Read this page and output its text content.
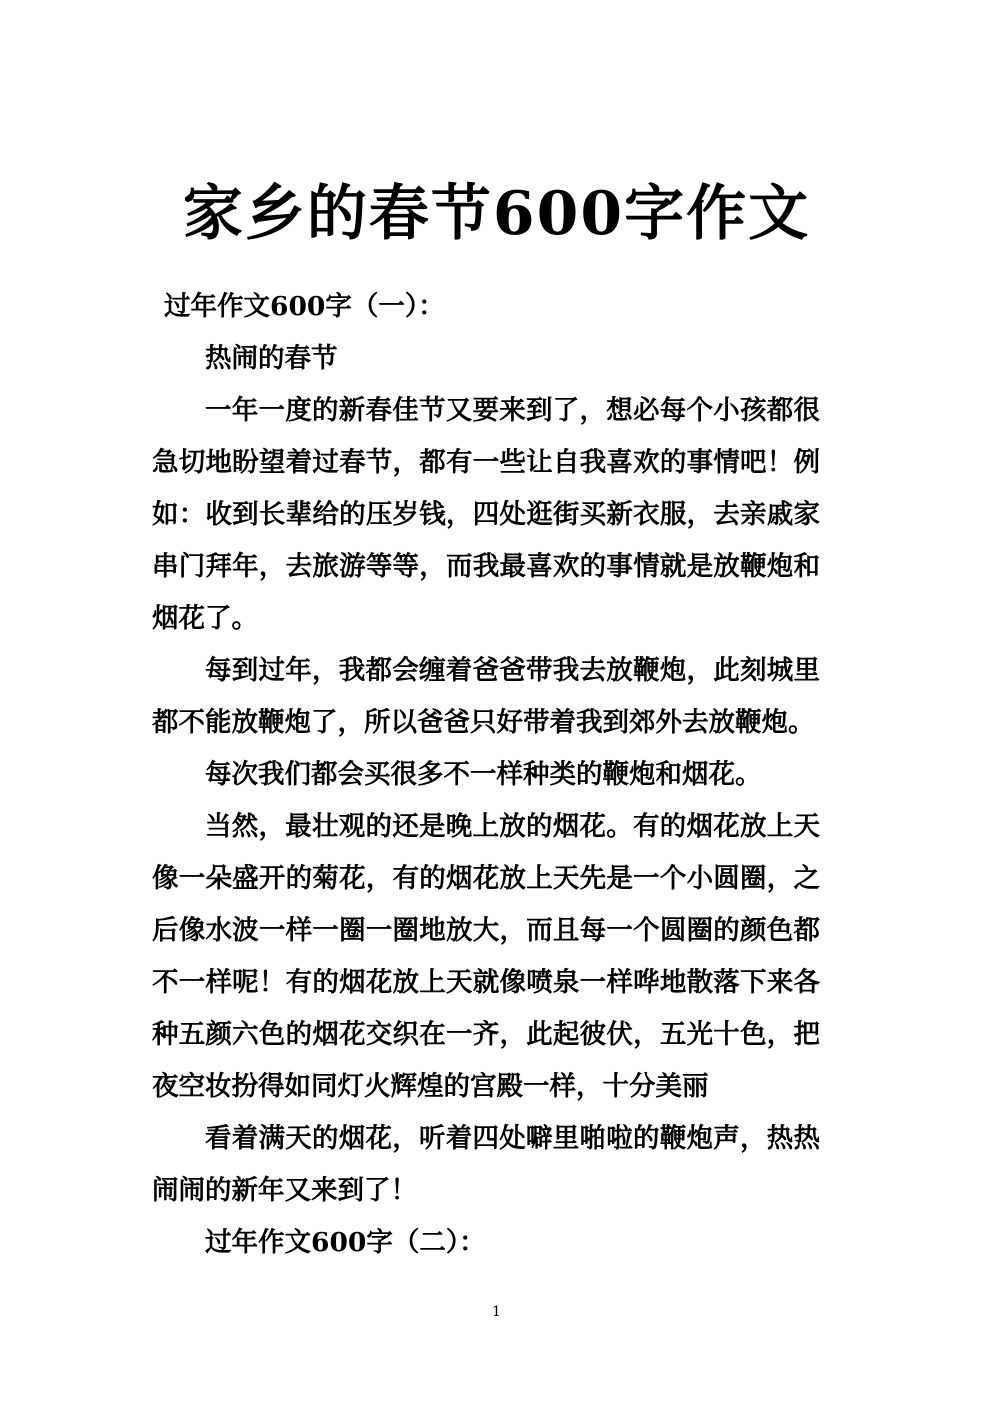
家乡的春节600字作文

过年作文600字（一）：

热闹的春节

一年一度的新春佳节又要来到了，想必每个小孩都很急切地盼望着过春节，都有一些让自我喜欢的事情吧！例如：收到长辈给的压岁钱，四处逛街买新衣服，去亲戚家串门拜年，去旅游等等，而我最喜欢的事情就是放鞭炮和烟花了。

每到过年，我都会缠着爸爸带我去放鞭炮，此刻城里都不能放鞭炮了，所以爸爸只好带着我到郊外去放鞭炮。

每次我们都会买很多不一样种类的鞭炮和烟花。

当然，最壮观的还是晚上放的烟花。有的烟花放上天像一朵盛开的菊花，有的烟花放上天先是一个小圆圈，之后像水波一样一圈一圈地放大，而且每一个圆圈的颜色都不一样呢！有的烟花放上天就像喷泉一样哗地散落下来各种五颜六色的烟花交织在一齐，此起彼伏，五光十色，把夜空妆扮得如同灯火辉煌的宫殿一样，十分美丽

看着满天的烟花，听着四处噼里啪啦的鞭炮声，热热闹闹的新年又来到了！

过年作文600字（二）：

1
